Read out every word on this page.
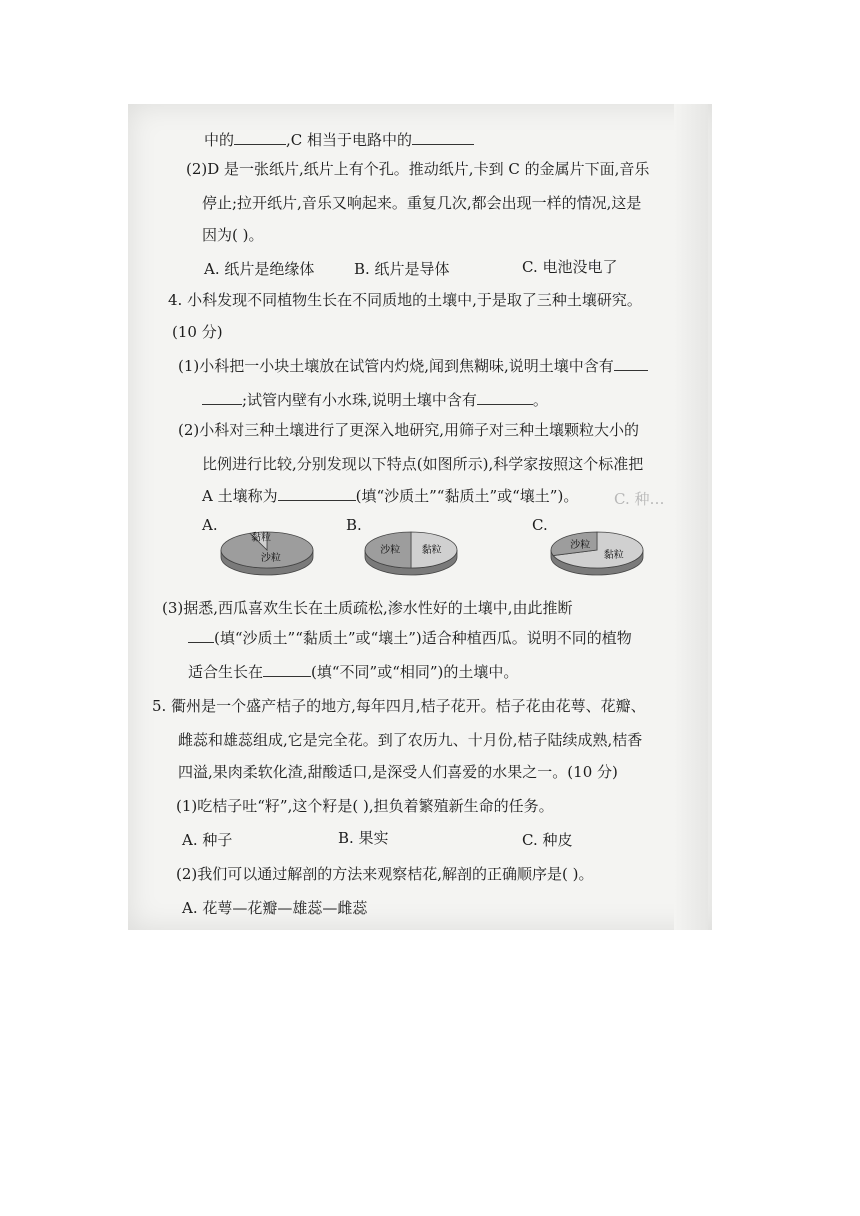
中的	,C 相当于电路中的
(2)D 是一张纸片,纸片上有个孔。推动纸片,卡到 C 的金属片下面,音乐
停止;拉开纸片,音乐又响起来。重复几次,都会出现一样的情况,这是
因为( )。
A. 纸片是绝缘体	B. 纸片是导体	C. 电池没电了
4. 小科发现不同植物生长在不同质地的土壤中,于是取了三种土壤研究。
(10 分)
(1)小科把一小块土壤放在试管内灼烧,闻到焦糊味,说明土壤中含有
;试管内壁有小水珠,说明土壤中含有	。
(2)小科对三种土壤进行了更深入地研究,用筛子对三种土壤颗粒大小的
比例进行比较,分别发现以下特点(如图所示),科学家按照这个标准把
A 土壤称为	(填“沙质土”“黏质土”或“壤土”)。 C. 种…
A.
沙粒
黏粒
B.
黏粒
沙粒
C.
黏粒
沙粒
(3)据悉,西瓜喜欢生长在土质疏松,渗水性好的土壤中,由此推断
(填“沙质土”“黏质土”或“壤土”)适合种植西瓜。说明不同的植物
适合生长在	(填“不同”或“相同”)的土壤中。
5. 衢州是一个盛产桔子的地方,每年四月,桔子花开。桔子花由花萼、花瓣、
雌蕊和雄蕊组成,它是完全花。到了农历九、十月份,桔子陆续成熟,桔香
四溢,果肉柔软化渣,甜酸适口,是深受人们喜爱的水果之一。(10 分)
(1)吃桔子吐“籽”,这个籽是( ),担负着繁殖新生命的任务。
A. 种子	B. 果实	C. 种皮
(2)我们可以通过解剖的方法来观察桔花,解剖的正确顺序是( )。
A. 花萼—花瓣—雄蕊—雌蕊
